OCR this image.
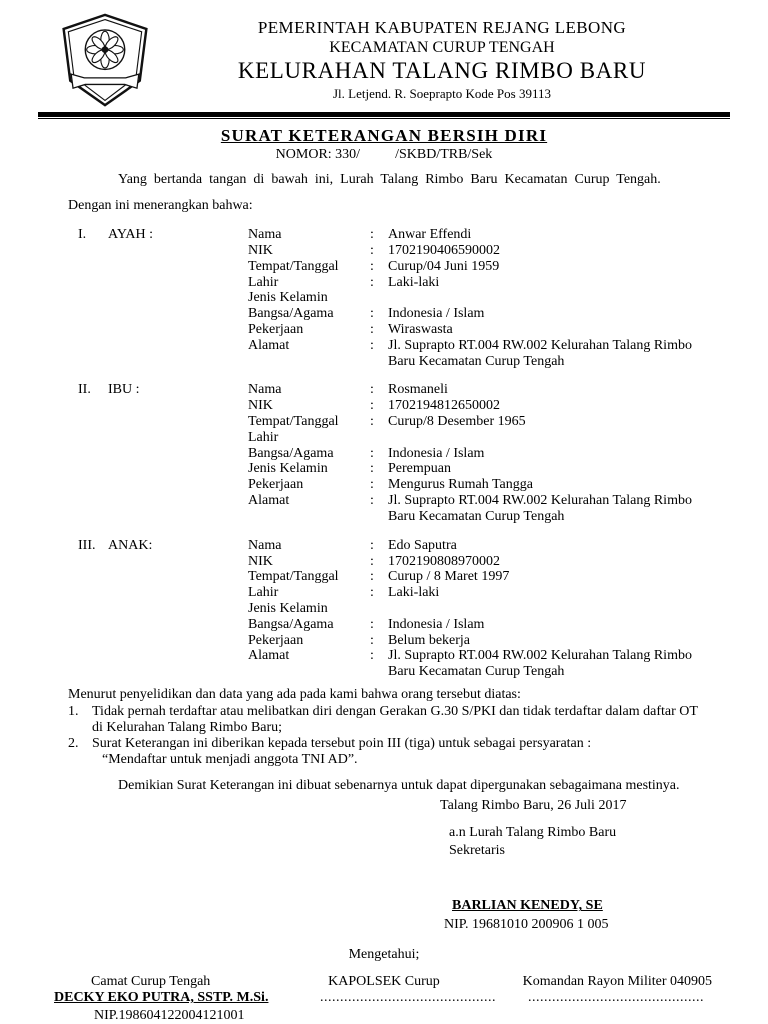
PEMERINTAH KABUPATEN REJANG LEBONG
KECAMATAN CURUP TENGAH
KELURAHAN TALANG RIMBO BARU
Jl. Letjend. R. Soeprapto Kode Pos 39113
SURAT KETERANGAN BERSIH DIRI
NOMOR: 330/          /SKBD/TRB/Sek
Yang bertanda tangan di bawah ini, Lurah Talang Rimbo Baru Kecamatan Curup Tengah.
Dengan ini menerangkan bahwa:
I. AYAH :	Nama	:	Anwar Effendi
NIK	:	1702190406590002
Tempat/Tanggal	:	Curup/04 Juni 1959
Lahir	:	Laki-laki
Jenis Kelamin
Bangsa/Agama	:	Indonesia / Islam
Pekerjaan	:	Wiraswasta
Alamat	:	Jl. Suprapto RT.004 RW.002 Kelurahan Talang Rimbo Baru Kecamatan Curup Tengah
II. IBU :	Nama	:	Rosmaneli
NIK	:	1702194812650002
Tempat/Tanggal	:	Curup/8 Desember 1965
Lahir
Bangsa/Agama	:	Indonesia / Islam
Jenis Kelamin	:	Perempuan
Pekerjaan	:	Mengurus Rumah Tangga
Alamat	:	Jl. Suprapto RT.004 RW.002 Kelurahan Talang Rimbo Baru Kecamatan Curup Tengah
III. ANAK:	Nama	:	Edo Saputra
NIK	:	1702190808970002
Tempat/Tanggal	:	Curup / 8 Maret 1997
Lahir	:	Laki-laki
Jenis Kelamin
Bangsa/Agama	:	Indonesia / Islam
Pekerjaan	:	Belum bekerja
Alamat	:	Jl. Suprapto RT.004 RW.002 Kelurahan Talang Rimbo Baru Kecamatan Curup Tengah
Menurut penyelidikan dan data yang ada pada kami bahwa orang tersebut diatas:
1. Tidak pernah terdaftar atau melibatkan diri dengan Gerakan G.30 S/PKI dan tidak terdaftar dalam daftar OT di Kelurahan Talang Rimbo Baru;
2. Surat Keterangan ini diberikan kepada tersebut poin III (tiga) untuk sebagai persyaratan :
“Mendaftar untuk menjadi anggota TNI AD”.
Demikian Surat Keterangan ini dibuat sebenarnya untuk dapat dipergunakan sebagaimana mestinya.
Talang Rimbo Baru, 26 Juli 2017
a.n Lurah Talang Rimbo Baru
Sekretaris
BARLIAN KENEDY, SE
NIP. 19681010 200906 1 005
Mengetahui;
Camat Curup Tengah	KAPOLSEK Curup	Komandan Rayon Militer 040905
DECKY EKO PUTRA, SSTP. M.Si.
NIP.198604122004121001
............................................	............................................
